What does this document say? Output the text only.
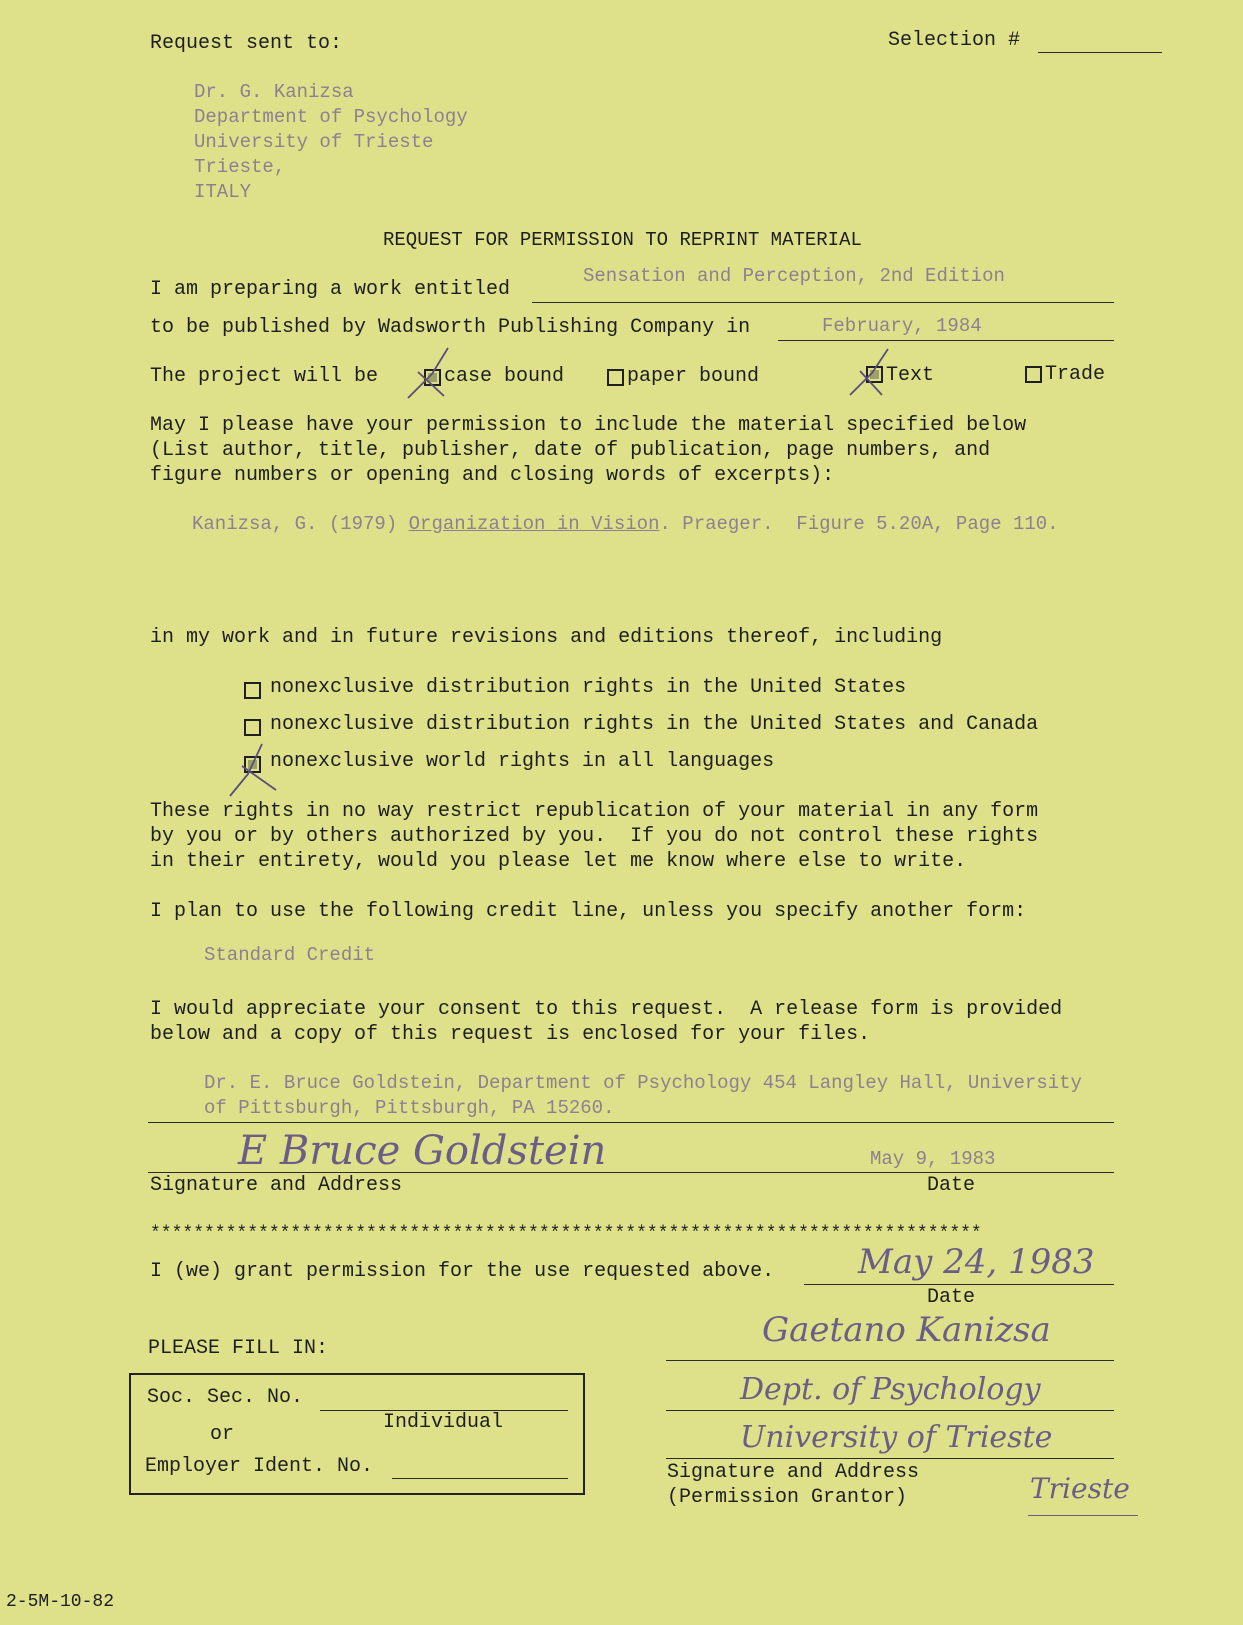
Request sent to:	Selection #
Dr. G. Kanizsa
Department of Psychology
University of Trieste
Trieste,
ITALY
REQUEST FOR PERMISSION TO REPRINT MATERIAL
I am preparing a work entitled
Sensation and Perception, 2nd Edition
to be published by Wadsworth Publishing Company in	February, 1984
The project will be	case bound	paper bound	Text	Trade
May I please have your permission to include the material specified below
(List author, title, publisher, date of publication, page numbers, and
figure numbers or opening and closing words of excerpts):
Kanizsa, G. (1979) Organization in Vision. Praeger.  Figure 5.20A, Page 110.
in my work and in future revisions and editions thereof, including
nonexclusive distribution rights in the United States
nonexclusive distribution rights in the United States and Canada
nonexclusive world rights in all languages
These rights in no way restrict republication of your material in any form
by you or by others authorized by you.  If you do not control these rights
in their entirety, would you please let me know where else to write.
I plan to use the following credit line, unless you specify another form:
Standard Credit
I would appreciate your consent to this request.  A release form is provided
below and a copy of this request is enclosed for your files.
Dr. E. Bruce Goldstein, Department of Psychology 454 Langley Hall, University
of Pittsburgh, Pittsburgh, PA 15260.
E Bruce Goldstein	May 9, 1983
Signature and Address	Date
*****************************************************************************
I (we) grant permission for the use requested above. May 24, 1983
Date
PLEASE FILL IN:
Soc. Sec. No.
Individual
or
Employer Ident. No.
Gaetano Kanizsa
Dept. of Psychology
University of Trieste
Signature and Address
(Permission Grantor)	Trieste
2-5M-10-82
